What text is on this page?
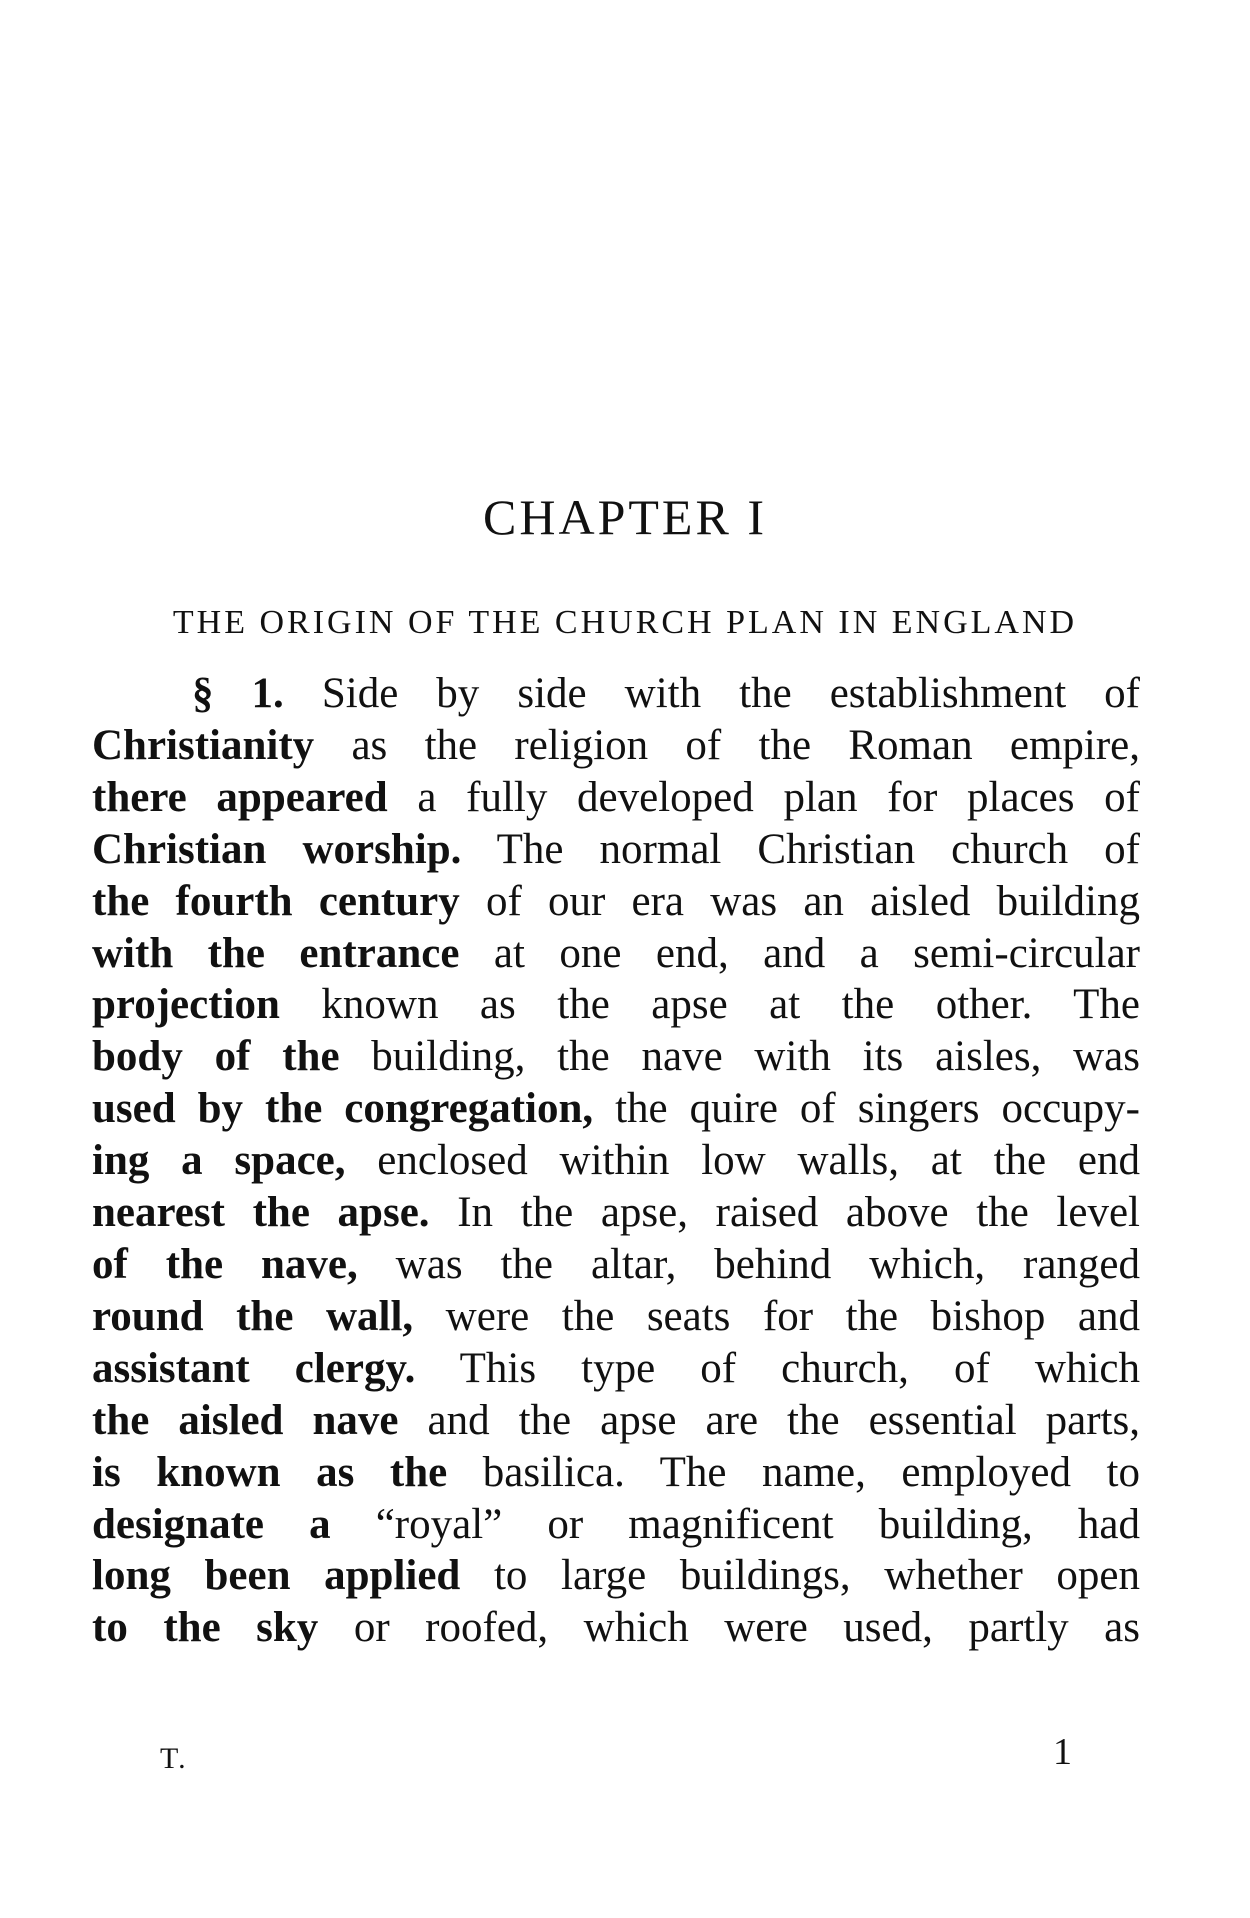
CHAPTER I
THE ORIGIN OF THE CHURCH PLAN IN ENGLAND

§ 1. Side by side with the establishment of
Christianity as the religion of the Roman empire,
there appeared a fully developed plan for places of
Christian worship. The normal Christian church of
the fourth century of our era was an aisled building
with the entrance at one end, and a semi-circular
projection known as the apse at the other. The
body of the building, the nave with its aisles, was
used by the congregation, the quire of singers occupy-
ing a space, enclosed within low walls, at the end
nearest the apse. In the apse, raised above the level
of the nave, was the altar, behind which, ranged
round the wall, were the seats for the bishop and
assistant clergy. This type of church, of which
the aisled nave and the apse are the essential parts,
is known as the basilica. The name, employed to
designate a “royal” or magnificent building, had
long been applied to large buildings, whether open
to the sky or roofed, which were used, partly as

T.	1
